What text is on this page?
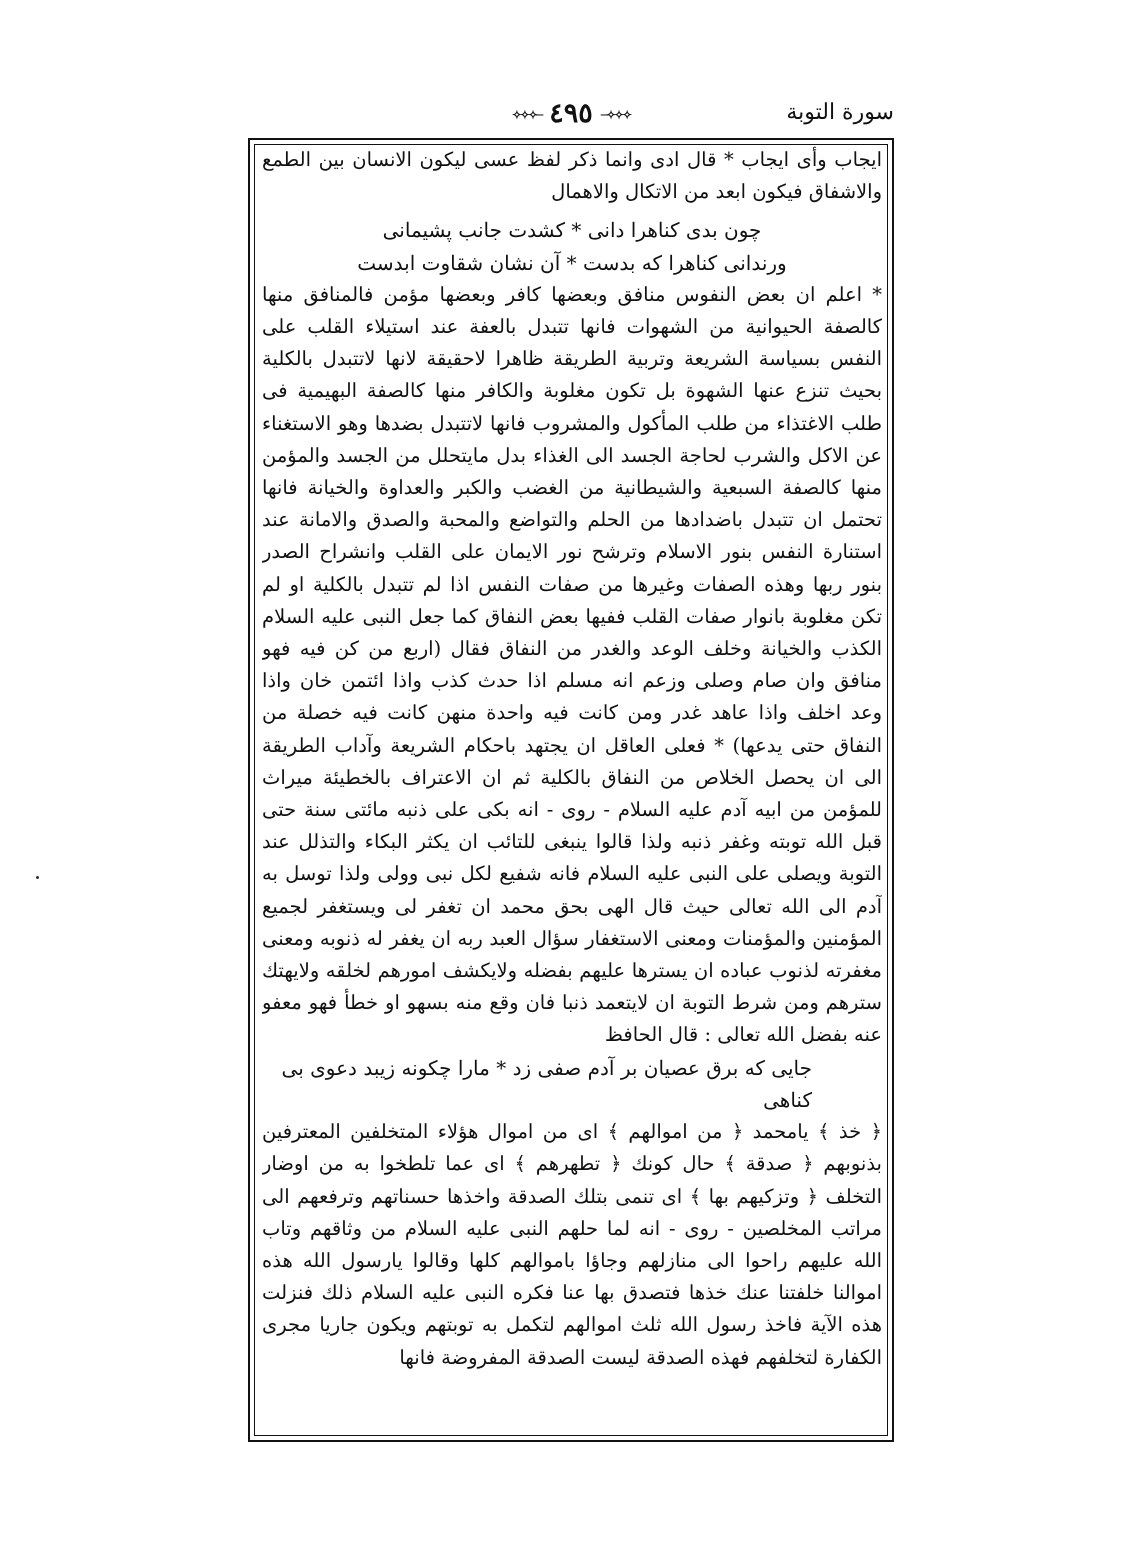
✧✧✧─٤٩٥─✧✧✧	سورة التوبة

ايجاب وأى ايجاب * قال ادى وانما ذكر لفظ عسى ليكون الانسان بين الطمع والاشفاق فيكون ابعد من الاتكال والاهمال

چون بدى كناهرا دانى * كشدت جانب پشيمانى

ورندانى كناهرا كه بدست * آن نشان شقاوت ابدست

* اعلم ان بعض النفوس منافق وبعضها كافر وبعضها مؤمن فالمنافق منها كالصفة الحيوانية من الشهوات فانها تتبدل بالعفة عند استيلاء القلب على النفس بسياسة الشريعة وتربية الطريقة ظاهرا لاحقيقة لانها لاتتبدل بالكلية بحيث تنزع عنها الشهوة بل تكون مغلوبة والكافر منها كالصفة البهيمية فى طلب الاغتذاء من طلب المأكول والمشروب فانها لاتتبدل بضدها وهو الاستغناء عن الاكل والشرب لحاجة الجسد الى الغذاء بدل مايتحلل من الجسد والمؤمن منها كالصفة السبعية والشيطانية من الغضب والكبر والعداوة والخيانة فانها تحتمل ان تتبدل باضدادها من الحلم والتواضع والمحبة والصدق والامانة عند استنارة النفس بنور الاسلام وترشح نور الايمان على القلب وانشراح الصدر بنور ربها وهذه الصفات وغيرها من صفات النفس اذا لم تتبدل بالكلية او لم تكن مغلوبة بانوار صفات القلب ففيها بعض النفاق كما جعل النبى عليه السلام الكذب والخيانة وخلف الوعد والغدر من النفاق فقال (اربع من كن فيه فهو منافق وان صام وصلى وزعم انه مسلم اذا حدث كذب واذا ائتمن خان واذا وعد اخلف واذا عاهد غدر ومن كانت فيه واحدة منهن كانت فيه خصلة من النفاق حتى يدعها) * فعلى العاقل ان يجتهد باحكام الشريعة وآداب الطريقة الى ان يحصل الخلاص من النفاق بالكلية ثم ان الاعتراف بالخطيئة ميراث للمؤمن من ابيه آدم عليه السلام - روى - انه بكى على ذنبه مائتى سنة حتى قبل الله توبته وغفر ذنبه ولذا قالوا ينبغى للتائب ان يكثر البكاء والتذلل عند التوبة ويصلى على النبى عليه السلام فانه شفيع لكل نبى وولى ولذا توسل به آدم الى الله تعالى حيث قال الهى بحق محمد ان تغفر لى ويستغفر لجميع المؤمنين والمؤمنات ومعنى الاستغفار سؤال العبد ربه ان يغفر له ذنوبه ومعنى مغفرته لذنوب عباده ان يسترها عليهم بفضله ولايكشف امورهم لخلقه ولايهتك سترهم ومن شرط التوبة ان لايتعمد ذنبا فان وقع منه بسهو او خطأ فهو معفو عنه بفضل الله تعالى : قال الحافظ

جايى كه برق عصيان بر آدم صفى زد * مارا چكونه زيبد دعوى بى كناهى

﴿ خذ ﴾ يامحمد ﴿ من اموالهم ﴾ اى من اموال هؤلاء المتخلفين المعترفين بذنوبهم ﴿ صدقة ﴾ حال كونك ﴿ تطهرهم ﴾ اى عما تلطخوا به من اوضار التخلف ﴿ وتزكيهم بها ﴾ اى تنمى بتلك الصدقة واخذها حسناتهم وترفعهم الى مراتب المخلصين - روى - انه لما حلهم النبى عليه السلام من وثاقهم وتاب الله عليهم راحوا الى منازلهم وجاؤا باموالهم كلها وقالوا يارسول الله هذه اموالنا خلفتنا عنك خذها فتصدق بها عنا فكره النبى عليه السلام ذلك فنزلت هذه الآية فاخذ رسول الله ثلث اموالهم لتكمل به توبتهم ويكون جاريا مجرى الكفارة لتخلفهم فهذه الصدقة ليست الصدقة المفروضة فانها
